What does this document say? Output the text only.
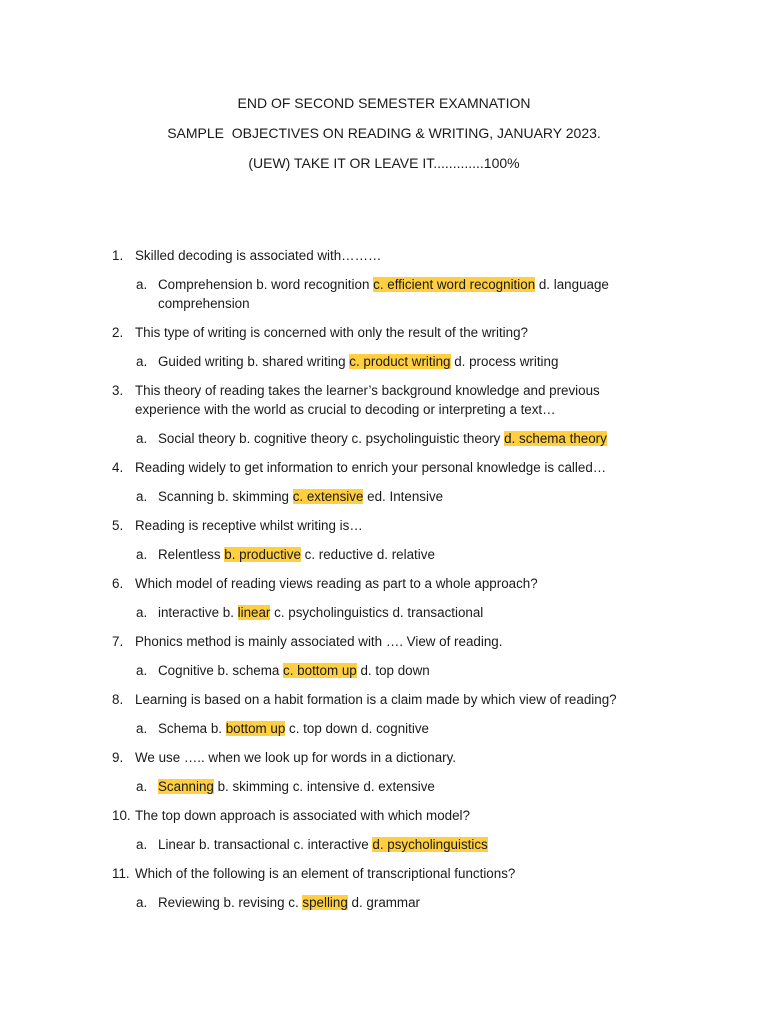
END OF SECOND SEMESTER EXAMNATION
SAMPLE  OBJECTIVES ON READING & WRITING, JANUARY 2023.
(UEW) TAKE IT OR LEAVE IT.............100%
1. Skilled decoding is associated with………
a. Comprehension b. word recognition c. efficient word recognition d. language comprehension
2. This type of writing is concerned with only the result of the writing?
a. Guided writing b. shared writing c. product writing d. process writing
3. This theory of reading takes the learner’s background knowledge and previous experience with the world as crucial to decoding or interpreting a text…
a. Social theory b. cognitive theory c. psycholinguistic theory d. schema theory
4. Reading widely to get information to enrich your personal knowledge is called…
a. Scanning b. skimming c. extensive ed. Intensive
5. Reading is receptive whilst writing is…
a. Relentless b. productive c. reductive d. relative
6. Which model of reading views reading as part to a whole approach?
a. interactive b. linear c. psycholinguistics d. transactional
7. Phonics method is mainly associated with …. View of reading.
a. Cognitive b. schema c. bottom up d. top down
8. Learning is based on a habit formation is a claim made by which view of reading?
a. Schema b. bottom up c. top down d. cognitive
9. We use ….. when we look up for words in a dictionary.
a. Scanning b. skimming c. intensive d. extensive
10. The top down approach is associated with which model?
a. Linear b. transactional c. interactive d. psycholinguistics
11. Which of the following is an element of transcriptional functions?
a. Reviewing b. revising c. spelling d. grammar
